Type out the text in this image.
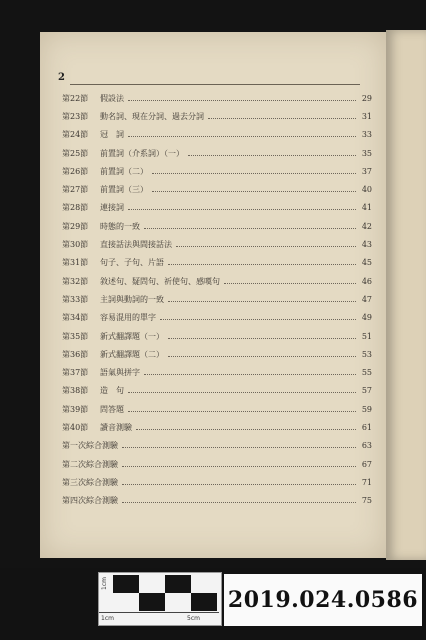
2
第22節	假設法	29
第23節	動名詞、現在分詞、過去分詞	31
第24節	冠　詞	33
第25節	前置詞（介系詞）（一）	35
第26節	前置詞（二）	37
第27節	前置詞（三）	40
第28節	連接詞	41
第29節	時態的一致	42
第30節	直接話法與間接話法	43
第31節	句子、子句、片語	45
第32節	敘述句、疑問句、祈使句、感嘆句	46
第33節	主詞與動詞的一致	47
第34節	容易混用的單字	49
第35節	新式翻譯題（一）	51
第36節	新式翻譯題（二）	53
第37節	語氣與拼字	55
第38節	造　句	57
第39節	問答題	59
第40節	讀音測驗	61
第一次綜合測驗	63
第二次綜合測驗	67
第三次綜合測驗	71
第四次綜合測驗	75
1cm
1cm	5cm
2019.024.0586
